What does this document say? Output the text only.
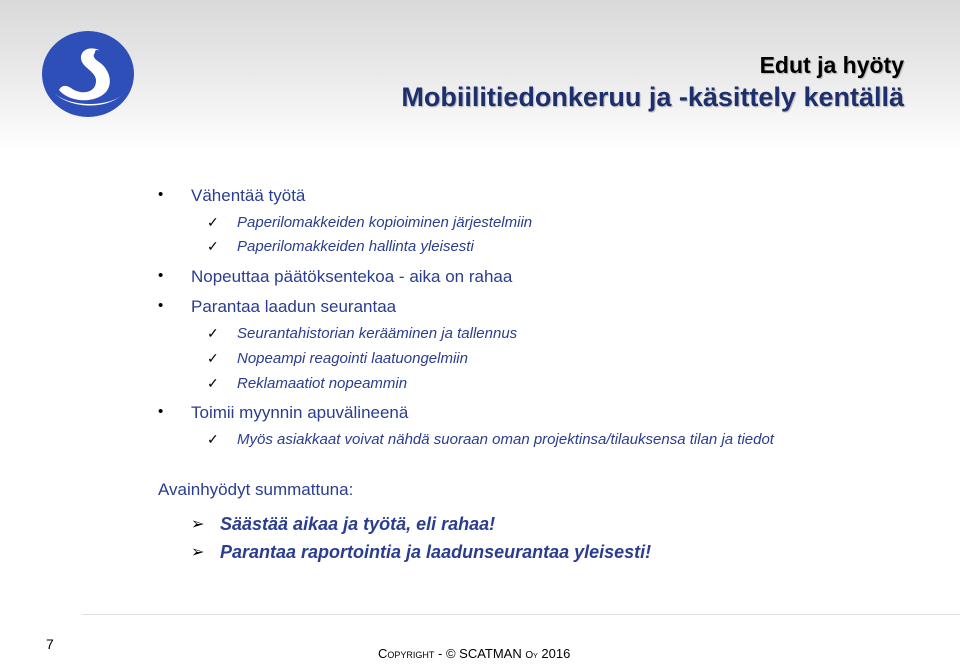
Edut ja hyöty
Mobiilitiedonkeruu ja -käsittely kentällä
• Vähentää työtä
✓ Paperilomakkeiden kopioiminen järjestelmiin
✓ Paperilomakkeiden hallinta yleisesti
• Nopeuttaa päätöksentekoa - aika on rahaa
• Parantaa laadun seurantaa
✓ Seurantahistorian kerääminen ja tallennus
✓ Nopeampi reagointi laatuongelmiin
✓ Reklamaatiot nopeammin
• Toimii myynnin apuvälineenä
✓ Myös asiakkaat voivat nähdä suoraan oman projektinsa/tilauksensa tilan ja tiedot
Avainhyödyt summattuna:
➢ Säästää aikaa ja työtä, eli rahaa!
➢ Parantaa raportointia ja laadunseurantaa yleisesti!
7
Copyright - © SCATMAN Oy 2016
